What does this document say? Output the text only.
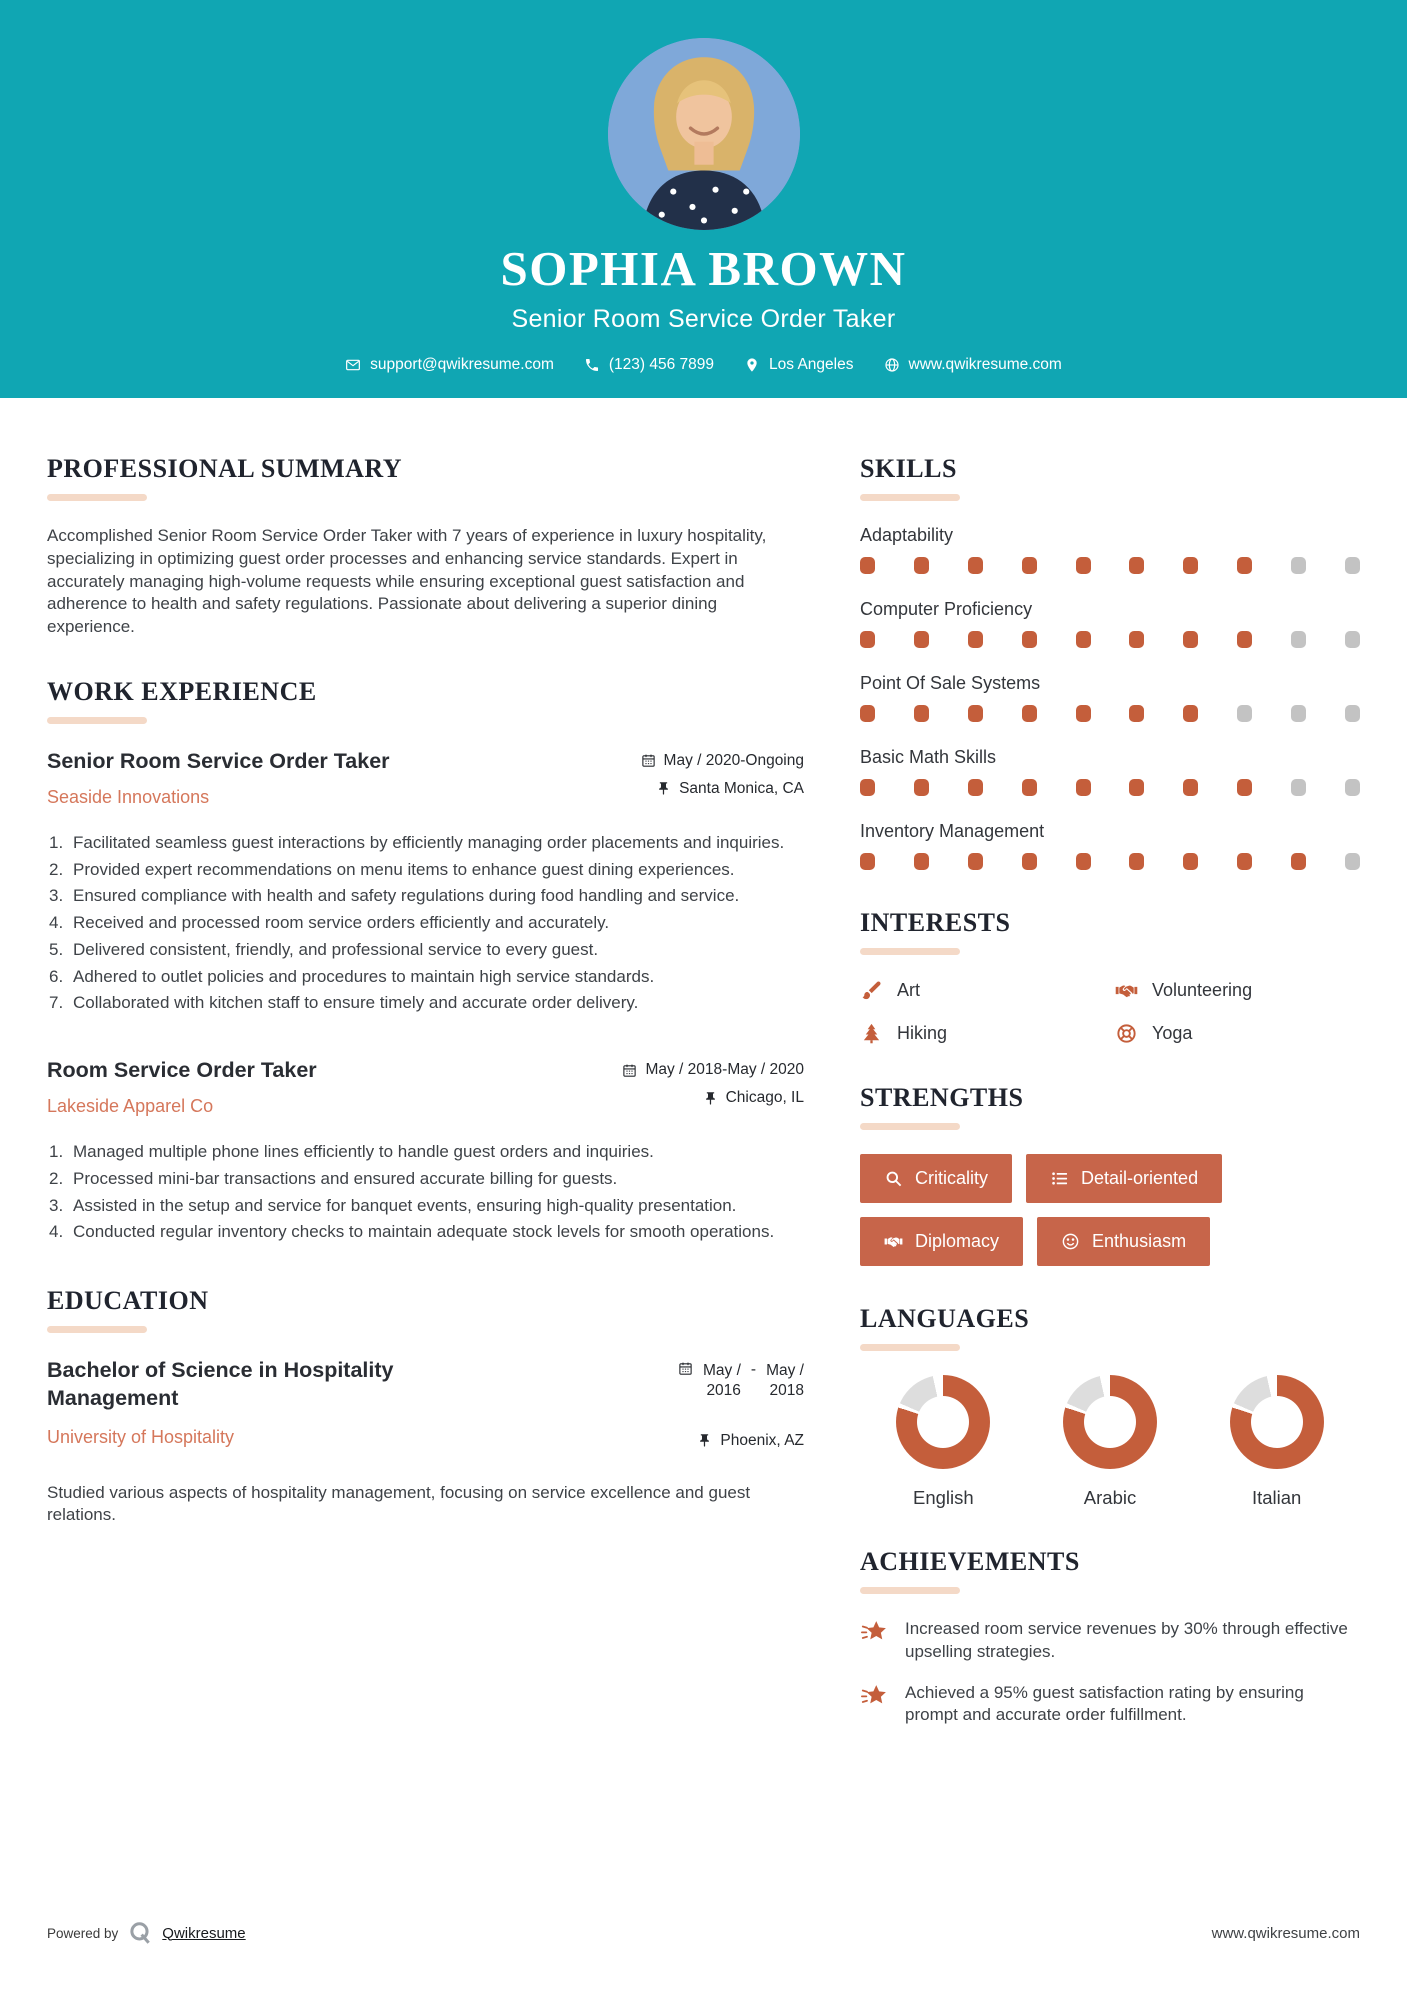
SOPHIA BROWN
Senior Room Service Order Taker
support@qwikresume.com	(123) 456 7899	Los Angeles	www.qwikresume.com
PROFESSIONAL SUMMARY

Accomplished Senior Room Service Order Taker with 7 years of experience in luxury hospitality, specializing in optimizing guest order processes and enhancing service standards. Expert in accurately managing high-volume requests while ensuring exceptional guest satisfaction and adherence to health and safety regulations. Passionate about delivering a superior dining experience.

WORK EXPERIENCE
Senior Room Service Order Taker
Seaside Innovations
May / 2020-Ongoing
Santa Monica, CA
Facilitated seamless guest interactions by efficiently managing order placements and inquiries.
Provided expert recommendations on menu items to enhance guest dining experiences.
Ensured compliance with health and safety regulations during food handling and service.
Received and processed room service orders efficiently and accurately.
Delivered consistent, friendly, and professional service to every guest.
Adhered to outlet policies and procedures to maintain high service standards.
Collaborated with kitchen staff to ensure timely and accurate order delivery.
Room Service Order Taker
Lakeside Apparel Co
May / 2018-May / 2020
Chicago, IL
Managed multiple phone lines efficiently to handle guest orders and inquiries.
Processed mini-bar transactions and ensured accurate billing for guests.
Assisted in the setup and service for banquet events, ensuring high-quality presentation.
Conducted regular inventory checks to maintain adequate stock levels for smooth operations.
EDUCATION
Bachelor of Science in Hospitality Management
University of Hospitality
May /
2016
- May /
2018
Phoenix, AZ

Studied various aspects of hospitality management, focusing on service excellence and guest relations.

SKILLS
Adaptability
Computer Proficiency
Point Of Sale Systems
Basic Math Skills
Inventory Management
INTERESTS
Art	Volunteering
Hiking	Yoga
STRENGTHS
Criticality	Detail-oriented
Diplomacy	Enthusiasm
LANGUAGES
English	Arabic	Italian
ACHIEVEMENTS

Increased room service revenues by 30% through effective upselling strategies.

Achieved a 95% guest satisfaction rating by ensuring prompt and accurate order fulfillment.

Powered by	Qwikresume	www.qwikresume.com
